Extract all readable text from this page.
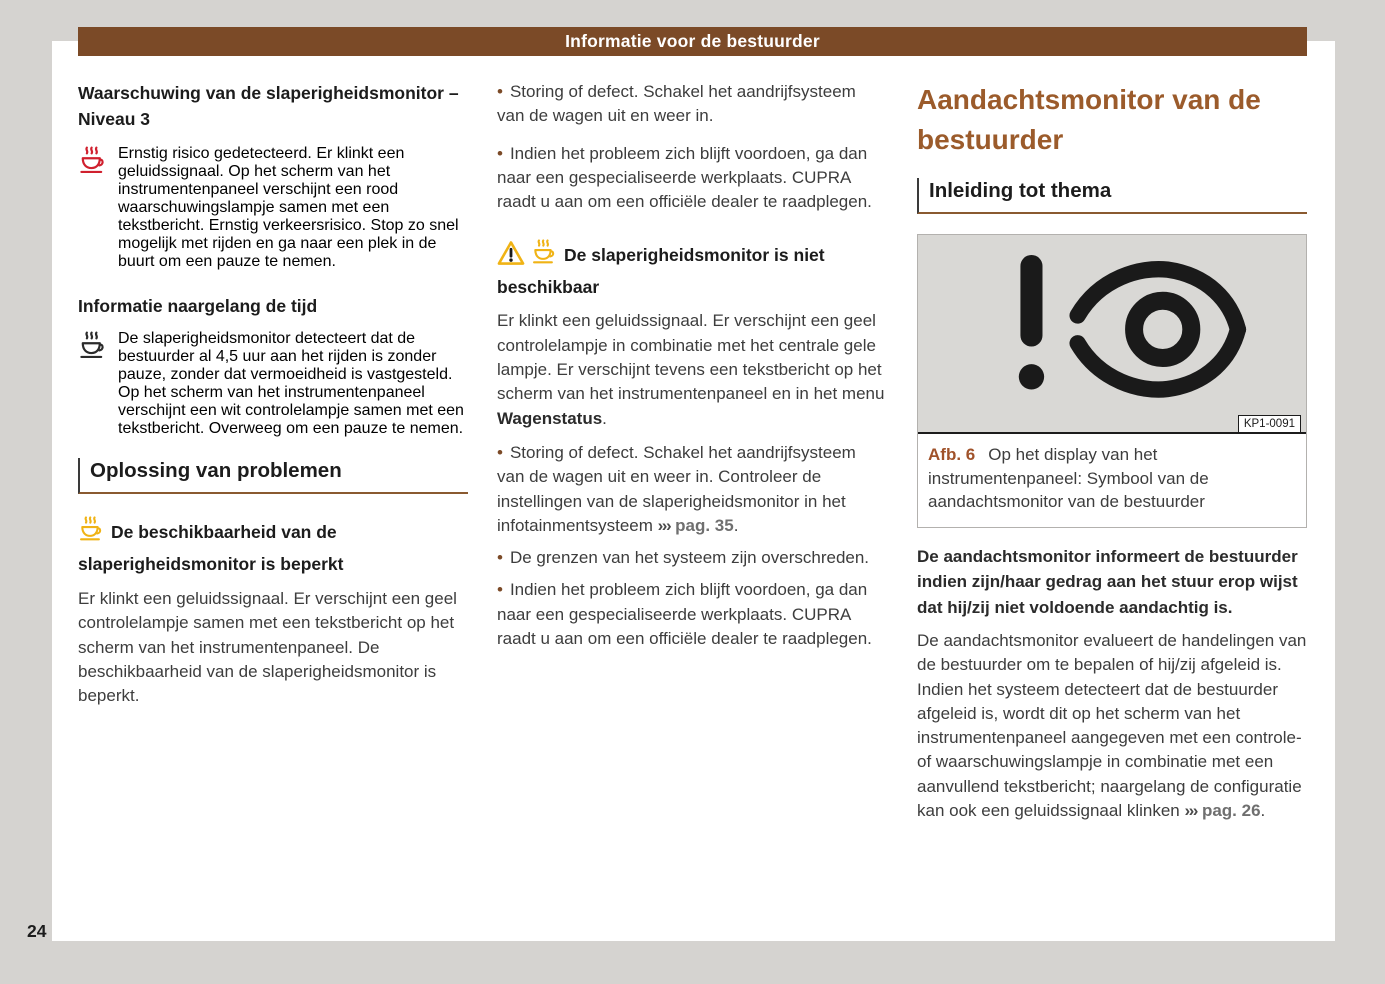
Informatie voor de bestuurder
Waarschuwing van de slaperigheidsmonitor – Niveau 3
Ernstig risico gedetecteerd. Er klinkt een geluidssignaal. Op het scherm van het instrumentenpaneel verschijnt een rood waarschuwingslampje samen met een tekstbericht. Ernstig verkeersrisico. Stop zo snel mogelijk met rijden en ga naar een plek in de buurt om een pauze te nemen.
Informatie naargelang de tijd
De slaperigheidsmonitor detecteert dat de bestuurder al 4,5 uur aan het rijden is zonder pauze, zonder dat vermoeidheid is vastgesteld. Op het scherm van het instrumentenpaneel verschijnt een wit controlelampje samen met een tekstbericht. Overweeg om een pauze te nemen.
Oplossing van problemen
De beschikbaarheid van de slaperigheidsmonitor is beperkt

Er klinkt een geluidssignaal. Er verschijnt een geel controlelampje samen met een tekstbericht op het scherm van het instrumentenpaneel. De beschikbaarheid van de slaperigheidsmonitor is beperkt.

• Storing of defect. Schakel het aandrijfsysteem van de wagen uit en weer in.

• Indien het probleem zich blijft voordoen, ga dan naar een gespecialiseerde werkplaats. CUPRA raadt u aan om een officiële dealer te raadplegen.

De slaperigheidsmonitor is niet beschikbaar

Er klinkt een geluidssignaal. Er verschijnt een geel controlelampje in combinatie met het centrale gele lampje. Er verschijnt tevens een tekstbericht op het scherm van het instrumentenpaneel en in het menu Wagenstatus.

• Storing of defect. Schakel het aandrijfsysteem van de wagen uit en weer in. Controleer de instellingen van de slaperigheidsmonitor in het infotainmentsysteem ››› pag. 35.

• De grenzen van het systeem zijn overschreden.

• Indien het probleem zich blijft voordoen, ga dan naar een gespecialiseerde werkplaats. CUPRA raadt u aan om een officiële dealer te raadplegen.

Aandachtsmonitor van de bestuurder
Inleiding tot thema
KP1-0091
Afb. 6 Op het display van het instrumentenpaneel: Symbool van de aandachtsmonitor van de bestuurder

De aandachtsmonitor informeert de bestuurder indien zijn/haar gedrag aan het stuur erop wijst dat hij/zij niet voldoende aandachtig is.

De aandachtsmonitor evalueert de handelingen van de bestuurder om te bepalen of hij/zij afgeleid is. Indien het systeem detecteert dat de bestuurder afgeleid is, wordt dit op het scherm van het instrumentenpaneel aangegeven met een controle- of waarschuwingslampje in combinatie met een aanvullend tekstbericht; naargelang de configuratie kan ook een geluidssignaal klinken ››› pag. 26.

24
